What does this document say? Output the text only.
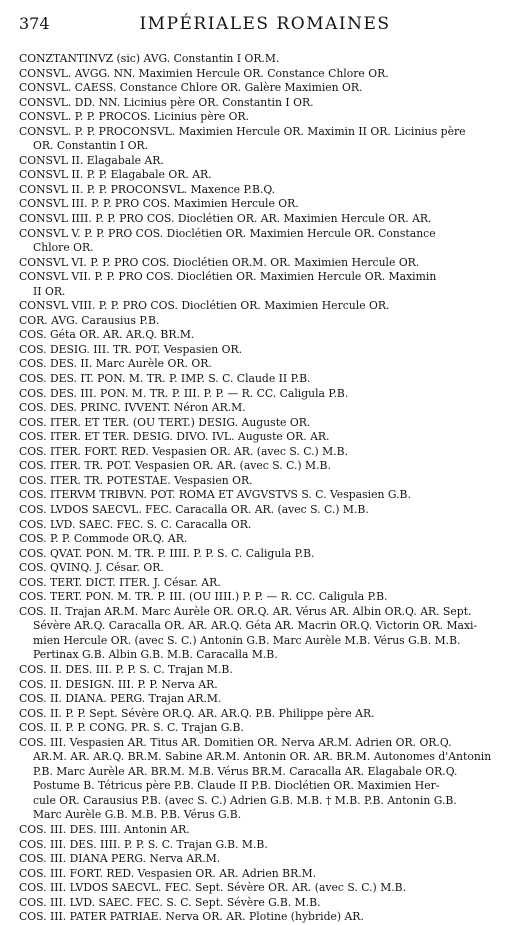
374	IMPÉRIALES ROMAINES
CONZTANTINVZ (sic) AVG. Constantin I OR.M.
CONSVL. AVGG. NN. Maximien Hercule OR. Constance Chlore OR.
CONSVL. CAESS. Constance Chlore OR. Galère Maximien OR.
CONSVL. DD. NN. Licinius père OR. Constantin I OR.
CONSVL. P. P. PROCOS. Licinius père OR.
CONSVL. P. P. PROCONSVL. Maximien Hercule OR. Maximin II OR. Licinius père
OR. Constantin I OR.
CONSVL II. Elagabale AR.
CONSVL II. P. P. Elagabale OR. AR.
CONSVL II. P. P. PROCONSVL. Maxence P.B.Q.
CONSVL III. P. P. PRO COS. Maximien Hercule OR.
CONSVL IIII. P. P. PRO COS. Dioclétien OR. AR. Maximien Hercule OR. AR.
CONSVL V. P. P. PRO COS. Dioclétien OR. Maximien Hercule OR. Constance
Chlore OR.
CONSVL VI. P. P. PRO COS. Dioclétien OR.M. OR. Maximien Hercule OR.
CONSVL VII. P. P. PRO COS. Dioclétien OR. Maximien Hercule OR. Maximin
II OR.
CONSVL VIII. P. P. PRO COS. Dioclétien OR. Maximien Hercule OR.
COR. AVG. Carausius P.B.
COS. Géta OR. AR. AR.Q. BR.M.
COS. DESIG. III. TR. POT. Vespasien OR.
COS. DES. II. Marc Aurèle OR. OR.
COS. DES. IT. PON. M. TR. P. IMP. S. C. Claude II P.B.
COS. DES. III. PON. M. TR. P. III. P. P. — R. CC. Caligula P.B.
COS. DES. PRINC. IVVENT. Néron AR.M.
COS. ITER. ET TER. (OU TERT.) DESIG. Auguste OR.
COS. ITER. ET TER. DESIG. DIVO. IVL. Auguste OR. AR.
COS. ITER. FORT. RED. Vespasien OR. AR. (avec S. C.) M.B.
COS. ITER. TR. POT. Vespasien OR. AR. (avec S. C.) M.B.
COS. ITER. TR. POTESTAE. Vespasien OR.
COS. ITERVM TRIBVN. POT. ROMA ET AVGVSTVS S. C. Vespasien G.B.
COS. LVDOS SAECVL. FEC. Caracalla OR. AR. (avec S. C.) M.B.
COS. LVD. SAEC. FEC. S. C. Caracalla OR.
COS. P. P. Commode OR.Q. AR.
COS. QVAT. PON. M. TR. P. IIII. P. P. S. C. Caligula P.B.
COS. QVINQ. J. César. OR.
COS. TERT. DICT. ITER. J. César. AR.
COS. TERT. PON. M. TR. P. III. (OU IIII.) P. P. — R. CC. Caligula P.B.
COS. II. Trajan AR.M. Marc Aurèle OR. OR.Q. AR. Vérus AR. Albin OR.Q. AR. Sept.
Sévère AR.Q. Caracalla OR. AR. AR.Q. Géta AR. Macrin OR.Q. Victorin OR. Maxi-
mien Hercule OR. (avec S. C.) Antonin G.B. Marc Aurèle M.B. Vérus G.B. M.B.
Pertinax G.B. Albin G.B. M.B. Caracalla M.B.
COS. II. DES. III. P. P. S. C. Trajan M.B.
COS. II. DESIGN. III. P. P. Nerva AR.
COS. II. DIANA. PERG. Trajan AR.M.
COS. II. P. P. Sept. Sévère OR.Q. AR. AR.Q. P.B. Philippe père AR.
COS. II. P. P. CONG. PR. S. C. Trajan G.B.
COS. III. Vespasien AR. Titus AR. Domitien OR. Nerva AR.M. Adrien OR. OR.Q.
AR.M. AR. AR.Q. BR.M. Sabine AR.M. Antonin OR. AR. BR.M. Autonomes d'Antonin
P.B. Marc Aurèle AR. BR.M. M.B. Vérus BR.M. Caracalla AR. Elagabale OR.Q.
Postume B. Tétricus père P.B. Claude II P.B. Dioclétien OR. Maximien Her-
cule OR. Carausius P.B. (avec S. C.) Adrien G.B. M.B. † M.B. P.B. Antonin G.B.
Marc Aurèle G.B. M.B. P.B. Vérus G.B.
COS. III. DES. IIII. Antonin AR.
COS. III. DES. IIII. P. P. S. C. Trajan G.B. M.B.
COS. III. DIANA PERG. Nerva AR.M.
COS. III. FORT. RED. Vespasien OR. AR. Adrien BR.M.
COS. III. LVDOS SAECVL. FEC. Sept. Sévère OR. AR. (avec S. C.) M.B.
COS. III. LVD. SAEC. FEC. S. C. Sept. Sévère G.B. M.B.
COS. III. PATER PATRIAE. Nerva OR. AR. Plotine (hybride) AR.
